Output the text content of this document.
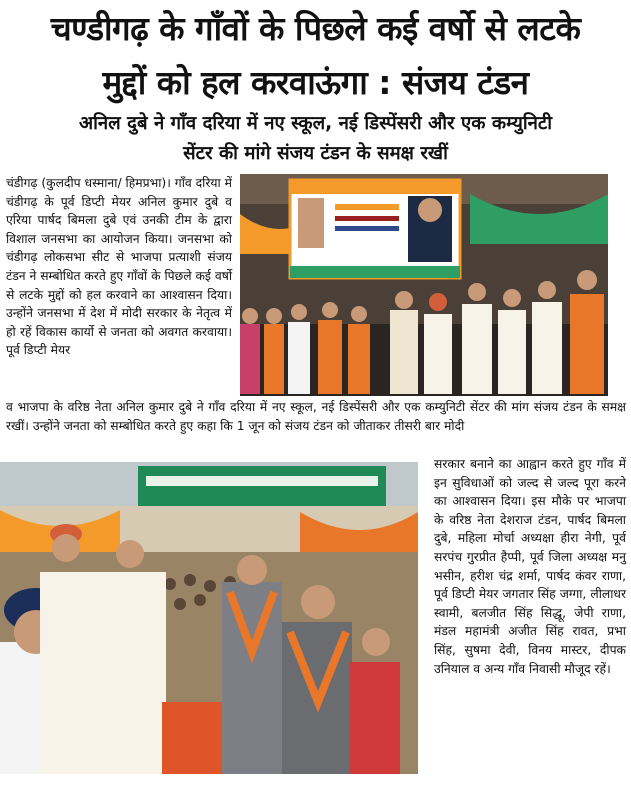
चण्डीगढ़ के गाँवों के पिछले कई वर्षो से लटके
मुद्दों को हल करवाऊंगा : संजय टंडन
अनिल दुबे ने गाँव दरिया में नए स्कूल, नई डिस्पेंसरी और एक कम्युनिटी
सेंटर की मांगे संजय टंडन के समक्ष रखीं
चंडीगढ़ (कुलदीप धस्माना/ हिमप्रभा)। गाँव दरिया में चंडीगढ़ के पूर्व डिप्टी मेयर अनिल कुमार दुबे व एरिया पार्षद बिमला दुबे एवं उनकी टीम के द्वारा विशाल जनसभा का आयोजन किया। जनसभा को चंडीगढ़ लोकसभा सीट से भाजपा प्रत्याशी संजय टंडन ने सम्बोधित करते हुए गाँवों के पिछले कई वर्षो से लटके मुद्दों को हल करवाने का आश्वासन दिया। उन्होंने जनसभा में देश में मोदी सरकार के नेतृत्व में हो रहें विकास कार्यो से जनता को अवगत करवाया। पूर्व डिप्टी मेयर
व भाजपा के वरिष्ठ नेता अनिल कुमार दुबे ने गाँव दरिया में नए स्कूल, नई डिस्पेंसरी और एक कम्युनिटी सेंटर की मांग संजय टंडन के समक्ष रखीं। उन्होंने जनता को सम्बोधित करते हुए कहा कि 1 जून को संजय टंडन को जीताकर तीसरी बार मोदी
सरकार बनाने का आह्वान करते हुए गाँव में इन सुविधाओं को जल्द से जल्द पूरा करने का आश्वासन दिया। इस मौके पर भाजपा के वरिष्ठ नेता देशराज टंडन, पार्षद बिमला दुबे, महिला मोर्चा अध्यक्षा हीरा नेगी, पूर्व सरपंच गुरप्रीत हैप्पी, पूर्व जिला अध्यक्ष मनु भसीन, हरीश चंद्र शर्मा, पार्षद कंवर राणा, पूर्व डिप्टी मेयर जगतार सिंह जग्गा, लीलाधर स्वामी, बलजीत सिंह सिद्धू, जेपी राणा, मंडल महामंत्री अजीत सिंह रावत, प्रभा सिंह, सुषमा देवी, विनय मास्टर, दीपक उनियाल व अन्य गाँव निवासी मौजूद रहें।
